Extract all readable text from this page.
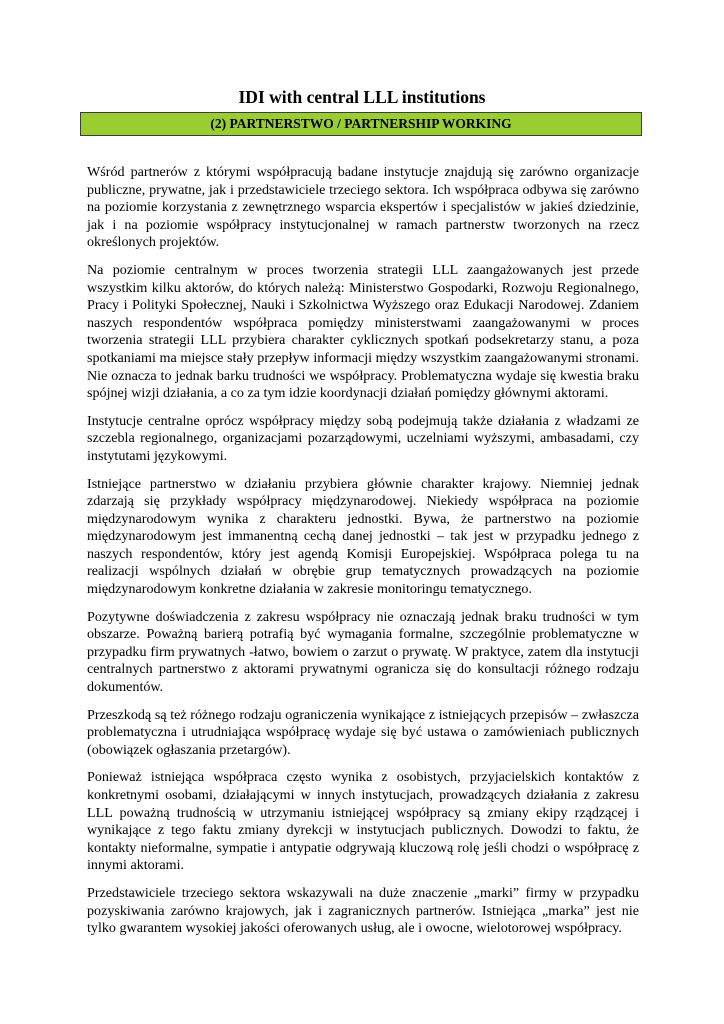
IDI with central LLL institutions
(2) PARTNERSTWO / PARTNERSHIP WORKING

Wśród partnerów z którymi współpracują badane instytucje znajdują się zarówno organizacje publiczne, prywatne, jak i przedstawiciele trzeciego sektora. Ich współpraca odbywa się zarówno na poziomie korzystania z zewnętrznego wsparcia ekspertów i specjalistów w jakieś dziedzinie, jak i na poziomie współpracy instytucjonalnej w ramach partnerstw tworzonych na rzecz określonych projektów.

Na poziomie centralnym w proces tworzenia strategii LLL zaangażowanych jest przede wszystkim kilku aktorów, do których należą: Ministerstwo Gospodarki, Rozwoju Regionalnego, Pracy i Polityki Społecznej, Nauki i Szkolnictwa Wyższego oraz Edukacji Narodowej. Zdaniem naszych respondentów współpraca pomiędzy ministerstwami zaangażowanymi w proces tworzenia strategii LLL przybiera charakter cyklicznych spotkań podsekretarzy stanu, a poza spotkaniami ma miejsce stały przepływ informacji między wszystkim zaangażowanymi stronami. Nie oznacza to jednak barku trudności we współpracy. Problematyczna wydaje się kwestia braku spójnej wizji działania, a co za tym idzie koordynacji działań pomiędzy głównymi aktorami.

Instytucje centralne oprócz współpracy między sobą podejmują także działania z władzami ze szczebla regionalnego, organizacjami pozarządowymi, uczelniami wyższymi, ambasadami, czy instytutami językowymi.

Istniejące partnerstwo w działaniu przybiera głównie charakter krajowy. Niemniej jednak zdarzają się przykłady współpracy międzynarodowej. Niekiedy współpraca na poziomie międzynarodowym wynika z charakteru jednostki. Bywa, że partnerstwo na poziomie międzynarodowym jest immanentną cechą danej jednostki – tak jest w przypadku jednego z naszych respondentów, który jest agendą Komisji Europejskiej. Współpraca polega tu na realizacji wspólnych działań w obrębie grup tematycznych prowadzących na poziomie międzynarodowym konkretne działania w zakresie monitoringu tematycznego.

Pozytywne doświadczenia z zakresu współpracy nie oznaczają jednak braku trudności w tym obszarze. Poważną barierą potrafią być wymagania formalne, szczególnie problematyczne w przypadku firm prywatnych -łatwo, bowiem o zarzut o prywatę. W praktyce, zatem dla instytucji centralnych partnerstwo z aktorami prywatnymi ogranicza się do konsultacji różnego rodzaju dokumentów.

Przeszkodą są też różnego rodzaju ograniczenia wynikające z istniejących przepisów – zwłaszcza problematyczna i utrudniająca współpracę wydaje się być ustawa o zamówieniach publicznych (obowiązek ogłaszania przetargów).

Ponieważ istniejąca współpraca często wynika z osobistych, przyjacielskich kontaktów z konkretnymi osobami, działającymi w innych instytucjach, prowadzących działania z zakresu LLL poważną trudnością w utrzymaniu istniejącej współpracy są zmiany ekipy rządzącej i wynikające z tego faktu zmiany dyrekcji w instytucjach publicznych. Dowodzi to faktu, że kontakty nieformalne, sympatie i antypatie odgrywają kluczową rolę jeśli chodzi o współpracę z innymi aktorami.

Przedstawiciele trzeciego sektora wskazywali na duże znaczenie „marki” firmy w przypadku pozyskiwania zarówno krajowych, jak i zagranicznych partnerów. Istniejąca „marka” jest nie tylko gwarantem wysokiej jakości oferowanych usług, ale i owocne, wielotorowej współpracy.
